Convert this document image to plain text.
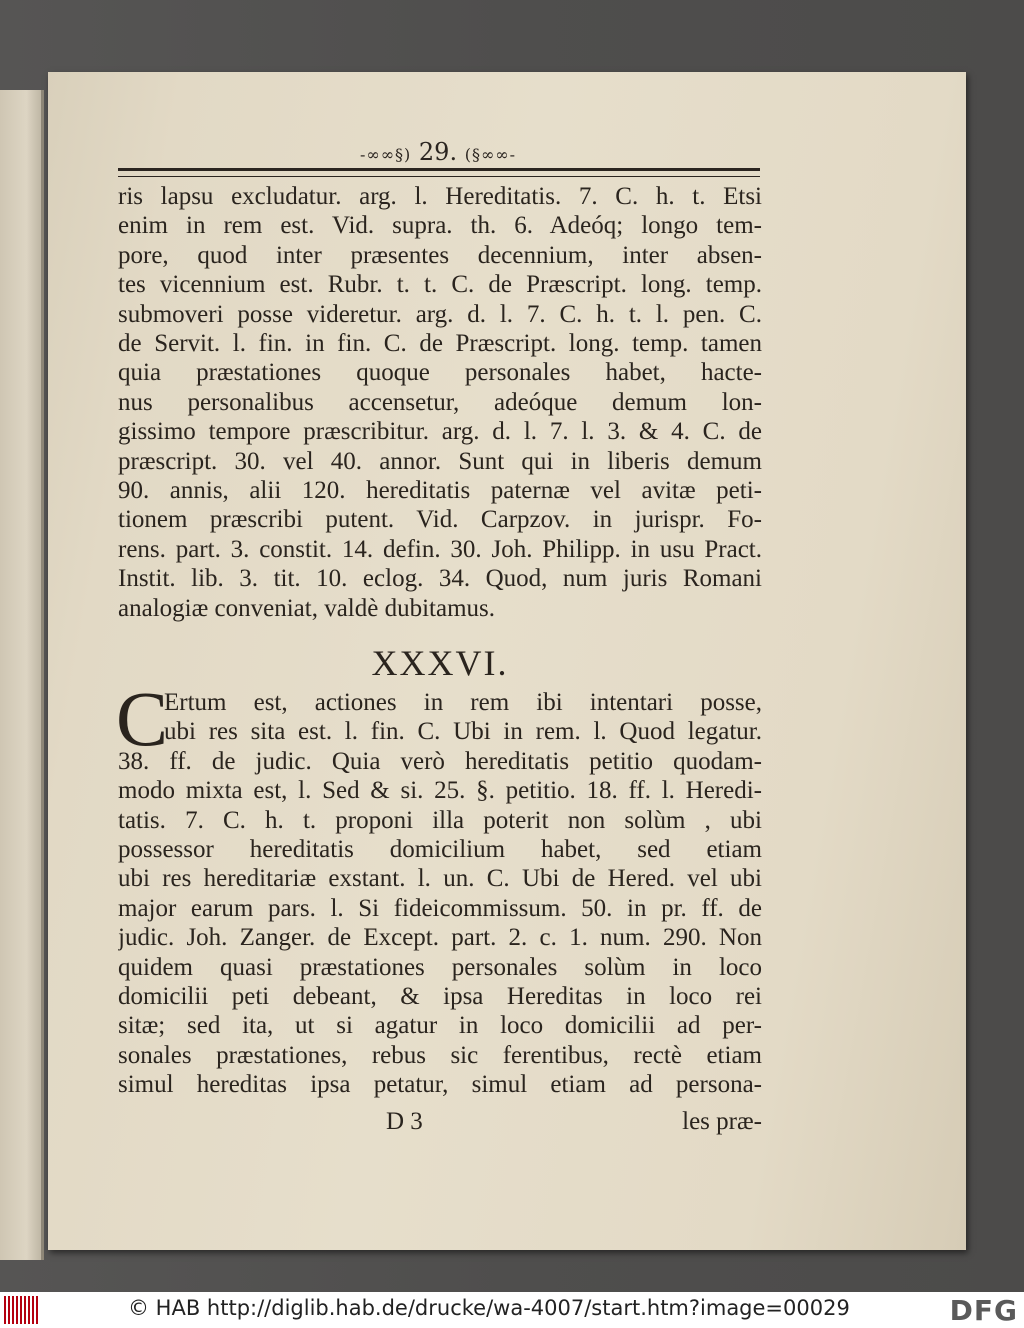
-∞∞§) 29. (§∞∞-
ris lapsu excludatur. arg. l. Hereditatis. 7. C. h. t. Etsi
enim in rem est. Vid. supra. th. 6. Adeóq; longo tem-
pore, quod inter præsentes decennium, inter absen-
tes vicennium est. Rubr. t. t. C. de Præscript. long. temp.
submoveri posse videretur. arg. d. l. 7. C. h. t. l. pen. C.
de Servit. l. fin. in fin. C. de Præscript. long. temp. tamen
quia præstationes quoque personales habet, hacte-
nus personalibus accensetur, adeóque demum lon-
gissimo tempore præscribitur. arg. d. l. 7. l. 3. & 4. C. de
præscript. 30. vel 40. annor. Sunt qui in liberis demum
90. annis, alii 120. hereditatis paternæ vel avitæ peti-
tionem præscribi putent. Vid. Carpzov. in jurispr. Fo-
rens. part. 3. constit. 14. defin. 30. Joh. Philipp. in usu Pract.
Instit. lib. 3. tit. 10. eclog. 34. Quod, num juris Romani
analogiæ conveniat, valdè dubitamus.
XXXVI.
C
Ertum est, actiones in rem ibi intentari posse,
ubi res sita est. l. fin. C. Ubi in rem. l. Quod legatur.
38. ff. de judic. Quia verò hereditatis petitio quodam-
modo mixta est, l. Sed & si. 25. §. petitio. 18. ff. l. Heredi-
tatis. 7. C. h. t. proponi illa poterit non solùm , ubi
possessor hereditatis domicilium habet, sed etiam
ubi res hereditariæ exstant. l. un. C. Ubi de Hered. vel ubi
major earum pars. l. Si fideicommissum. 50. in pr. ff. de
judic. Joh. Zanger. de Except. part. 2. c. 1. num. 290. Non
quidem quasi præstationes personales solùm in loco
domicilii peti debeant, & ipsa Hereditas in loco rei
sitæ; sed ita, ut si agatur in loco domicilii ad per-
sonales præstationes, rebus sic ferentibus, rectè etiam
simul hereditas ipsa petatur, simul etiam ad persona-
D 3	les præ-
© HAB http://diglib.hab.de/drucke/wa-4007/start.htm?image=00029	DFG
